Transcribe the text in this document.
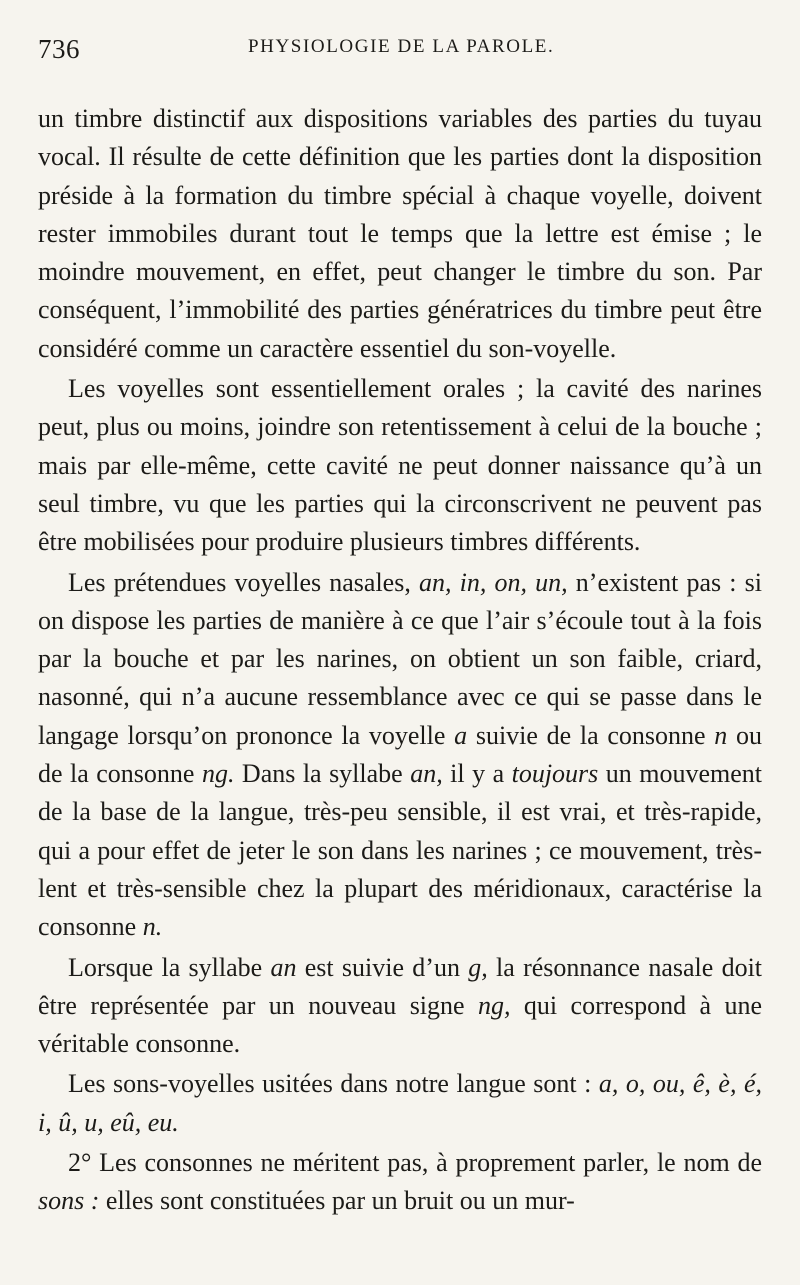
736	PHYSIOLOGIE DE LA PAROLE.

un timbre distinctif aux dispositions variables des parties du tuyau vocal. Il résulte de cette définition que les parties dont la disposition préside à la formation du timbre spécial à chaque voyelle, doivent rester immobiles durant tout le temps que la lettre est émise ; le moindre mouvement, en effet, peut changer le timbre du son. Par conséquent, l’immobilité des parties génératrices du timbre peut être considéré comme un caractère essentiel du son-voyelle.

Les voyelles sont essentiellement orales ; la cavité des narines peut, plus ou moins, joindre son retentissement à celui de la bouche ; mais par elle-même, cette cavité ne peut donner naissance qu’à un seul timbre, vu que les parties qui la circonscrivent ne peuvent pas être mobilisées pour produire plusieurs timbres différents.

Les prétendues voyelles nasales, an, in, on, un, n’existent pas : si on dispose les parties de manière à ce que l’air s’écoule tout à la fois par la bouche et par les narines, on obtient un son faible, criard, nasonné, qui n’a aucune ressemblance avec ce qui se passe dans le langage lorsqu’on prononce la voyelle a suivie de la consonne n ou de la consonne ng. Dans la syllabe an, il y a toujours un mouvement de la base de la langue, très-peu sensible, il est vrai, et très-rapide, qui a pour effet de jeter le son dans les narines ; ce mouvement, très-lent et très-sensible chez la plupart des méridionaux, caractérise la consonne n.

Lorsque la syllabe an est suivie d’un g, la résonnance nasale doit être représentée par un nouveau signe ng, qui correspond à une véritable consonne.

Les sons-voyelles usitées dans notre langue sont : a, o, ou, ê, è, é, i, û, u, eû, eu.

2° Les consonnes ne méritent pas, à proprement parler, le nom de sons : elles sont constituées par un bruit ou un mur-
